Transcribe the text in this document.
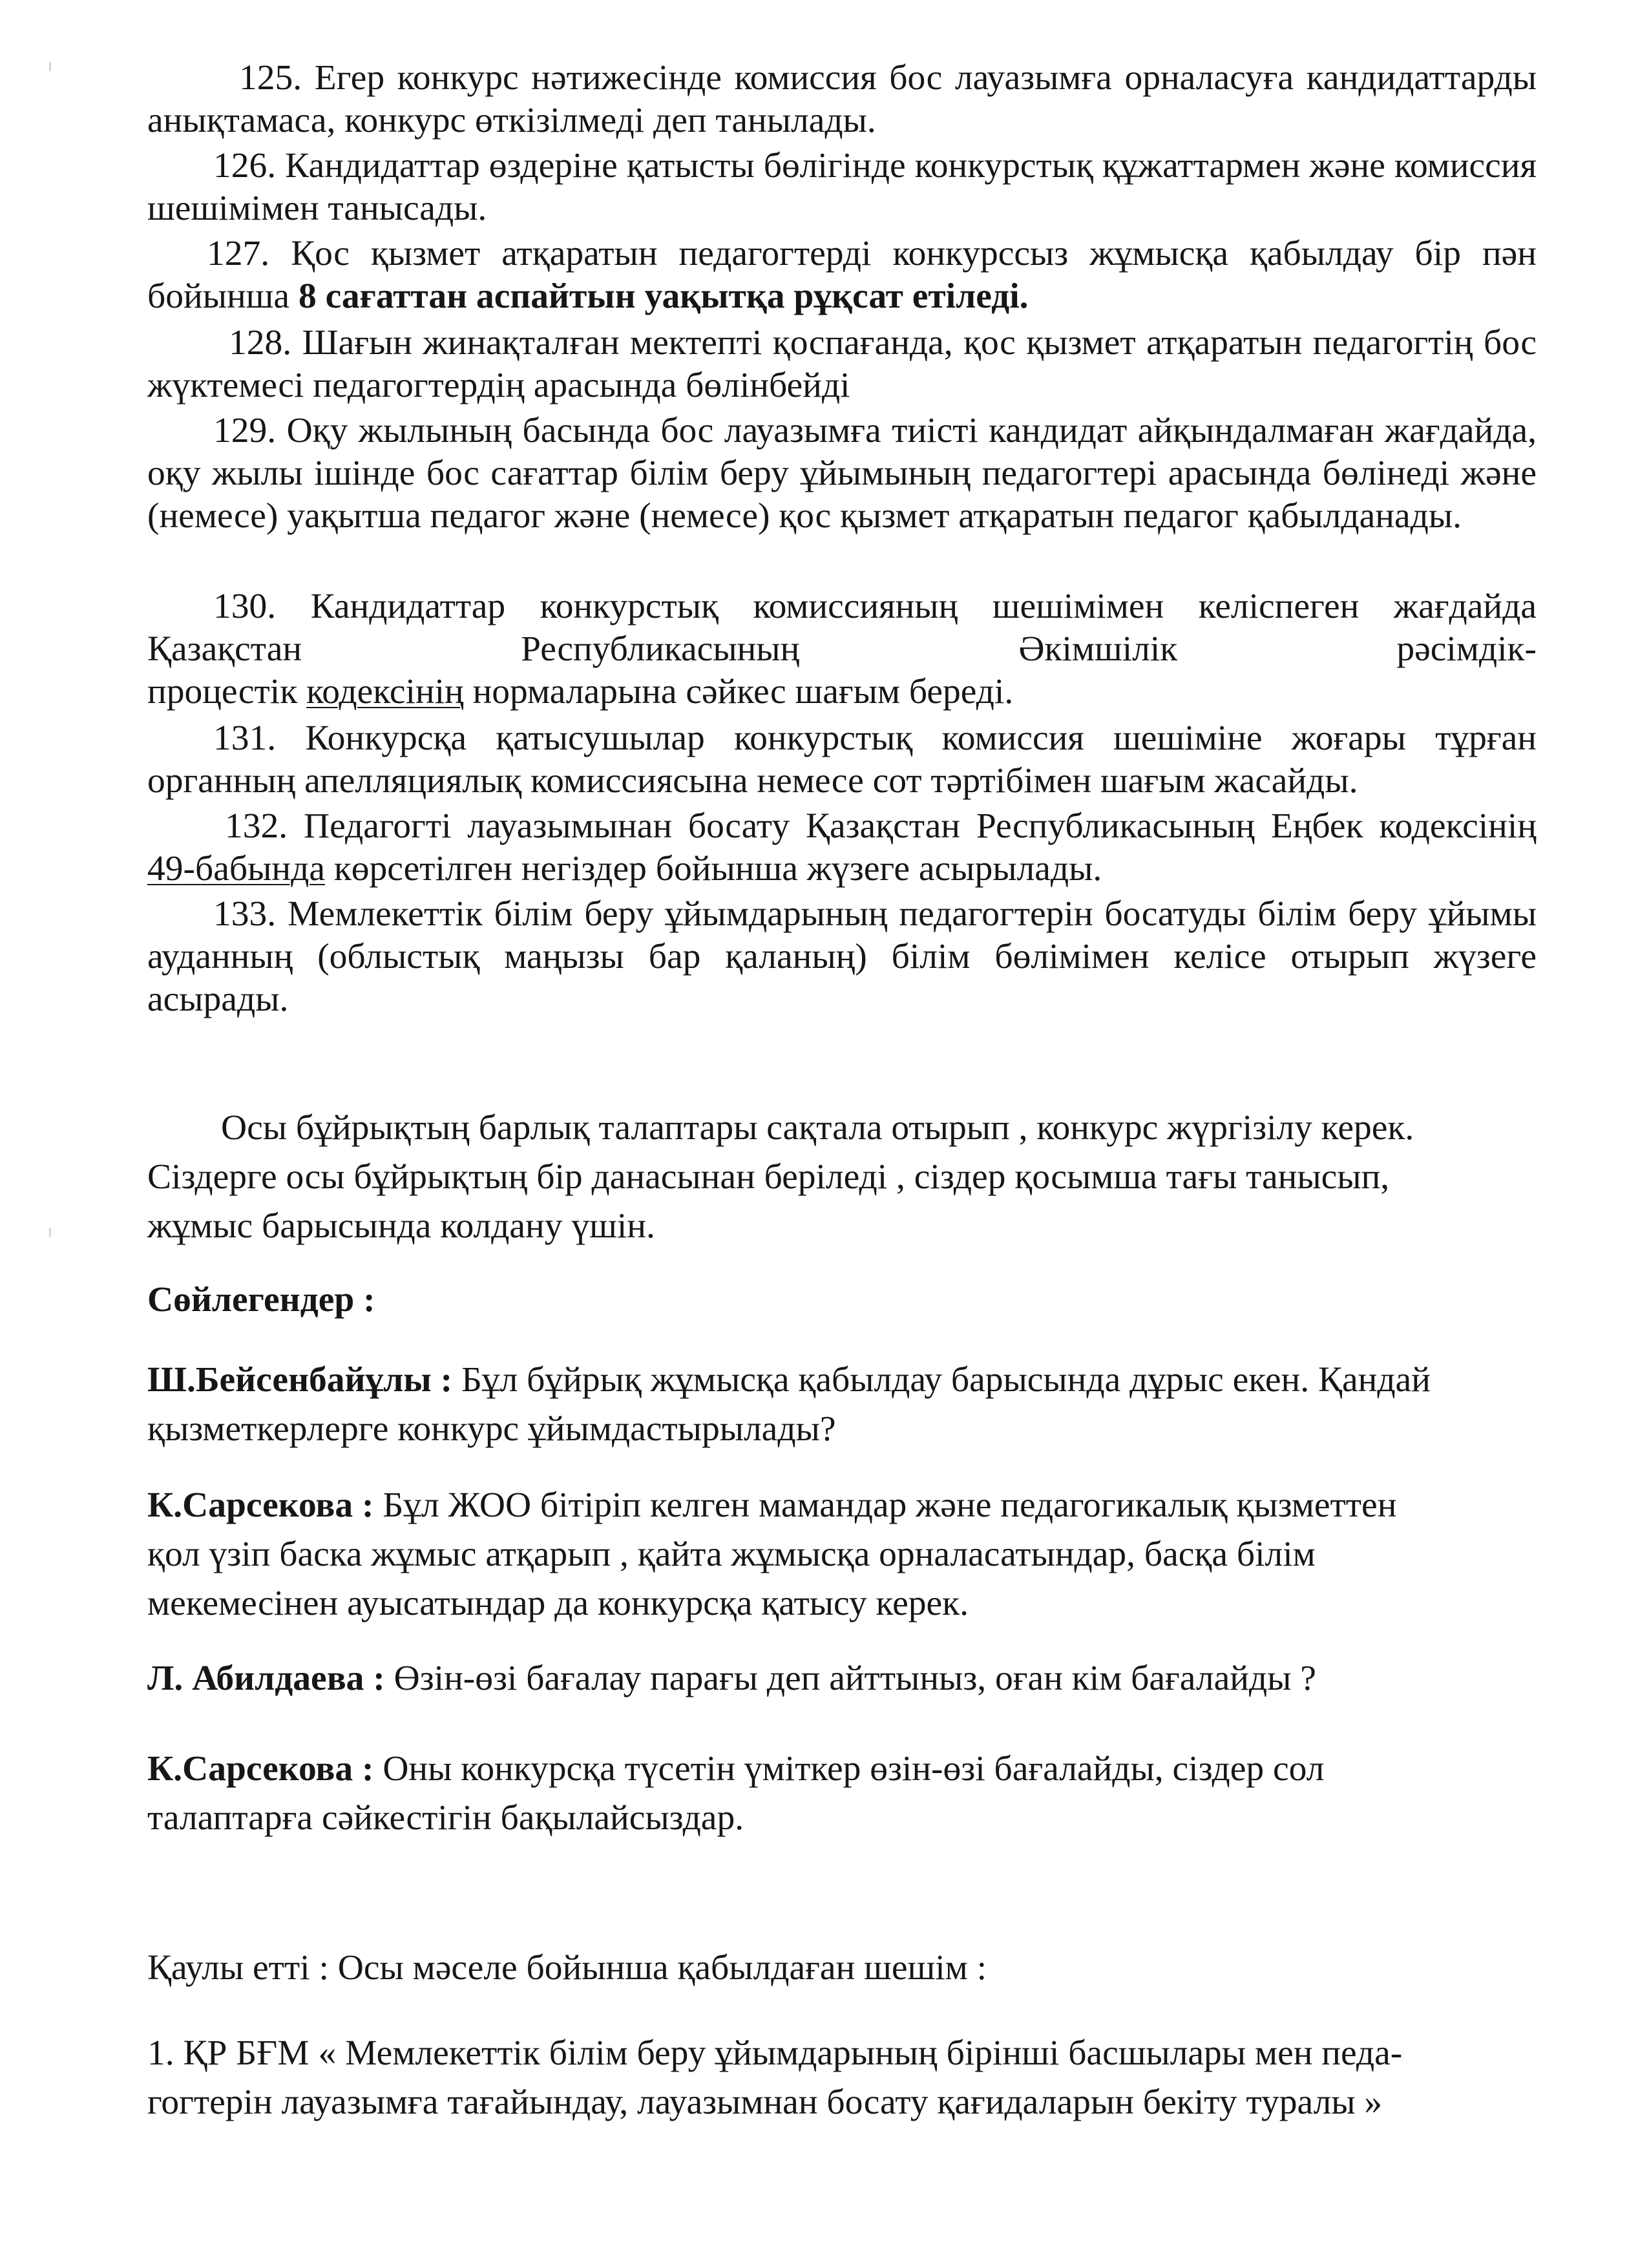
125. Егер конкурс нәтижесінде комиссия бос лауазымға орналасуға кандидаттарды анықтамаса, конкурс өткізілмеді деп танылады.

126. Кандидаттар өздеріне қатысты бөлігінде конкурстық құжаттармен және комиссия шешімімен танысады.

127. Қос қызмет атқаратын педагогтерді конкурссыз жұмысқа қабылдау бір пән бойынша 8 сағаттан аспайтын уақытқа рұқсат етіледі.

128. Шағын жинақталған мектепті қоспағанда, қос қызмет атқаратын педагогтің бос жүктемесі педагогтердің арасында бөлінбейді

129. Оқу жылының басында бос лауазымға тиісті кандидат айқындалмаған жағдайда, оқу жылы ішінде бос сағаттар білім беру ұйымының педагогтері арасында бөлінеді және (немесе) уақытша педагог және (немесе) қос қызмет атқаратын педагог қабылданады.

130. Кандидаттар конкурстық комиссияның шешімімен келіспеген жағдайда

Қазақстан	Республикасының	Әкімшілік	рәсімдік-

процестік кодексінің нормаларына сәйкес шағым береді.

131. Конкурсқа қатысушылар конкурстық комиссия шешіміне жоғары тұрған органның апелляциялық комиссиясына немесе сот тәртібімен шағым жасайды.

132. Педагогті лауазымынан босату Қазақстан Республикасының Еңбек кодексінің 49-бабында көрсетілген негіздер бойынша жүзеге асырылады.

133. Мемлекеттік білім беру ұйымдарының педагогтерін босатуды білім беру ұйымы ауданның (облыстық маңызы бар қаланың) білім бөлімімен келісе отырып жүзеге асырады.

Осы бұйрықтың барлық талаптары сақтала отырып , конкурс жүргізілу керек.
Сіздерге осы бұйрықтың бір данасынан беріледі , сіздер қосымша тағы танысып,
жұмыс барысында колдану үшін.
Сөйлегендер :
Ш.Бейсенбайұлы : Бұл бұйрық жұмысқа қабылдау барысында дұрыс екен. Қандай
қызметкерлерге конкурс ұйымдастырылады?
К.Сарсекова : Бұл ЖОО бітіріп келген мамандар және педагогикалық қызметтен
қол үзіп баска жұмыс атқарып , қайта жұмысқа орналасатындар, басқа білім
мекемесінен ауысатындар да конкурсқа қатысу керек.
Л. Абилдаева : Өзін-өзі бағалау парағы деп айттыныз, оған кім бағалайды ?
К.Сарсекова : Оны конкурсқа түсетін үміткер өзін-өзі бағалайды, сіздер сол
талаптарға сәйкестігін бақылайсыздар.
Қаулы етті : Осы мәселе бойынша қабылдаған шешім :
1. ҚР БҒМ « Мемлекеттік білім беру ұйымдарының бірінші басшылары мен педа-
гогтерін лауазымға тағайындау, лауазымнан босату қағидаларын бекіту туралы »
